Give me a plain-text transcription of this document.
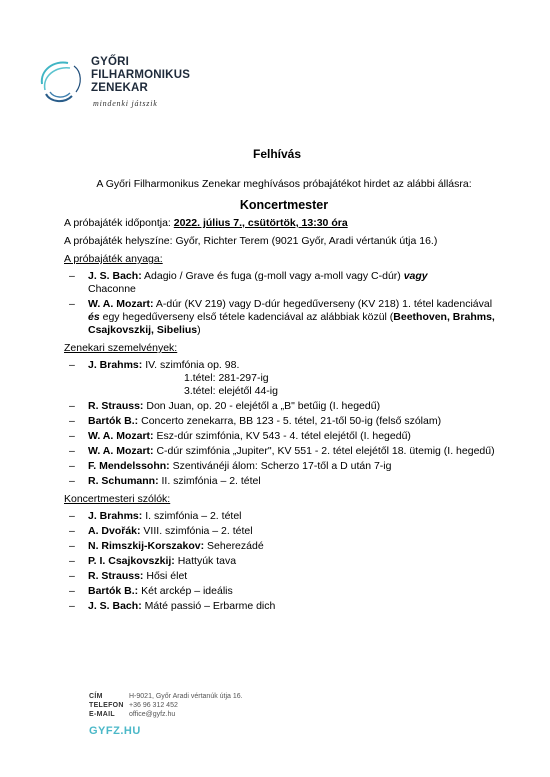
GYŐRI
FILHARMONIKUS
ZENEKAR
mindenki játszik
Felhívás
A Győri Filharmonikus Zenekar meghívásos próbajátékot hirdet az alábbi állásra:
Koncertmester
A próbajáték időpontja: 2022. július 7., csütörtök, 13:30 óra
A próbajáték helyszíne: Győr, Richter Terem (9021 Győr, Aradi vértanúk útja 16.)
A próbajáték anyaga:
– J. S. Bach: Adagio / Grave és fuga (g-moll vagy a-moll vagy C-dúr) vagy
Chaconne
– W. A. Mozart: A-dúr (KV 219) vagy D-dúr hegedűverseny (KV 218) 1. tétel kadenciával
és egy hegedűverseny első tétele kadenciával az alábbiak közül (Beethoven, Brahms, Csajkovszkij, Sibelius)
Zenekari szemelvények:
– J. Brahms: IV. szimfónia op. 98.
1.tétel: 281-297-ig
3.tétel: elejétől 44-ig
– R. Strauss: Don Juan, op. 20 - elejétől a „B" betűig (I. hegedű)
– Bartók B.: Concerto zenekarra, BB 123 - 5. tétel, 21-től 50-ig (felső szólam)
– W. A. Mozart: Esz-dúr szimfónia, KV 543 - 4. tétel elejétől (I. hegedű)
– W. A. Mozart: C-dúr szimfónia „Jupiter", KV 551 - 2. tétel elejétől 18. ütemig (I. hegedű)
– F. Mendelssohn: Szentivánéji álom: Scherzo 17-től a D után 7-ig
– R. Schumann: II. szimfónia – 2. tétel
Koncertmesteri szólók:
– J. Brahms: I. szimfónia – 2. tétel
– A. Dvořák: VIII. szimfónia – 2. tétel
– N. Rimszkij-Korszakov: Seherezádé
– P. I. Csajkovszkij: Hattyúk tava
– R. Strauss: Hősi élet
– Bartók B.: Két arckép – ideális
– J. S. Bach: Máté passió – Erbarme dich
CÍM	H-9021, Győr Aradi vértanúk útja 16.
TELEFON +36 96 312 452
E-MAIL	office@gyfz.hu
GYFZ.HU
